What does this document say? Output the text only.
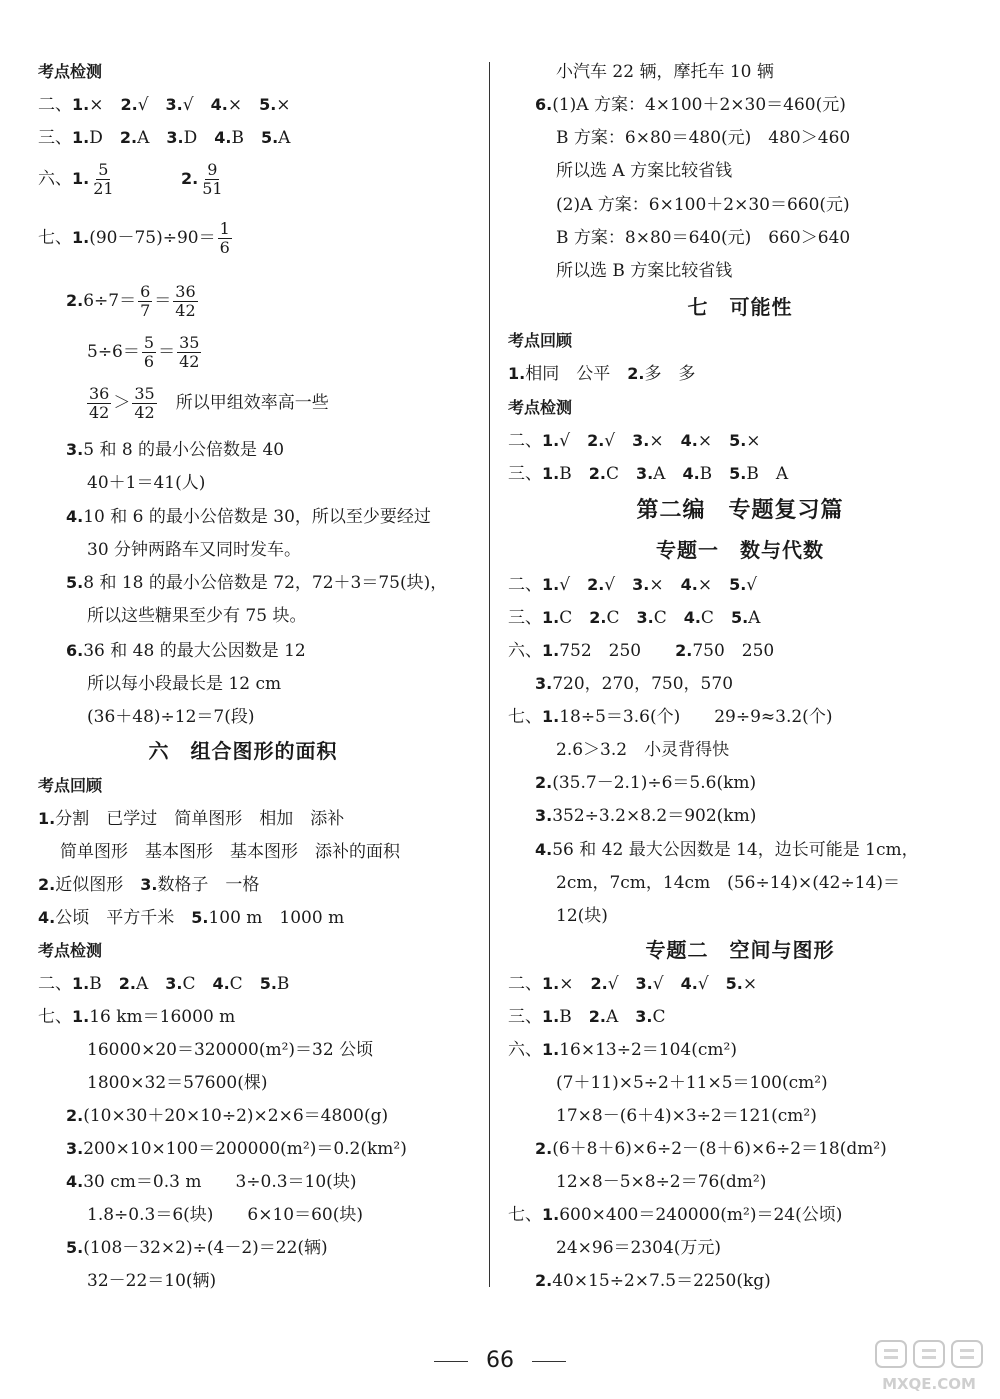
考点检测
二、1.×　 2.√　 3.√　 4.×　 5.×
三、1.D　 2.A　 3.D　 4.B　 5.A
六、1. $\frac{5}{21}$	2. $\frac{9}{51}$
七、$1.(90-75)\div 90= \frac{1}{6}$
$2.6\div 7= \frac{6}{7} = \frac{36}{42}$
$5\div 6= \frac{5}{6} = \frac{35}{42}$
$\frac{36}{42} > \frac{35}{42}$
　 所以甲组效率高一些
3.5 和 8 的最小公倍数是 40
40＋1＝41(人)
4.10 和 6 的最小公倍数是 30，所以至少要经过
30 分钟两路车又同时发车。
5.8 和 18 的最小公倍数是 72，72＋3＝75(块)，
所以这些糖果至少有 75 块。
6.36 和 48 的最大公因数是 12
所以每小段最长是 12 cm
(36＋48)÷12＝7(段)
六　组合图形的面积
考点回顾
1.分割　已学过　简单图形　相加　添补
简单图形　基本图形　基本图形　添补的面积
2.近似图形　 3.数格子　一格
4.公顷　平方千米　 5.100 m　1000 m
考点检测
二、1.B　 2.A　 3.C　 4.C　 5.B
七、1.16 km＝16000 m
16000×20＝320000(m²)＝32 公顷
1800×32＝57600(棵)
2.(10×30＋20×10÷2)×2×6＝4800(g)
3.200×10×100＝200000(m²)＝0.2(km²)
4.30 cm＝0.3 m　　3÷0.3＝10(块)
1.8÷0.3＝6(块)　　6×10＝60(块)
5.(108－32×2)÷(4－2)＝22(辆)
32－22＝10(辆)
小汽车 22 辆，摩托车 10 辆
6.(1)A 方案：4×100＋2×30＝460(元)
B 方案：6×80＝480(元)　480＞460
所以选 A 方案比较省钱
(2)A 方案：6×100＋2×30＝660(元)
B 方案：8×80＝640(元)　660＞640
所以选 B 方案比较省钱
七　可能性
考点回顾
1.相同　公平　 2.多　多
考点检测
二、1.√　 2.√　 3.×　 4.×　 5.×
三、1.B　 2.C　 3.A　 4.B　 5.B　A
第二编　专题复习篇
专题一　数与代数
二、1.√　 2.√　 3.×　 4.×　 5.√
三、1.C　 2.C　 3.C　 4.C　 5.A
六、1.752　250　　 2.750　250
3.720，270，750，570
七、1.18÷5＝3.6(个)　　29÷9≈3.2(个)
2.6＞3.2　小灵背得快
2.(35.7－2.1)÷6＝5.6(km)
3.352÷3.2×8.2＝902(km)
4.56 和 42 最大公因数是 14，边长可能是 1cm，
2cm，7cm，14cm　(56÷14)×(42÷14)＝
12(块)
专题二　空间与图形
二、1.×　 2.√　 3.√　 4.√　 5.×
三、1.B　 2.A　 3.C
六、1.16×13÷2＝104(cm²)
(7＋11)×5÷2＋11×5＝100(cm²)
17×8－(6＋4)×3÷2＝121(cm²)
2.(6＋8＋6)×6÷2－(8＋6)×6÷2＝18(dm²)
12×8－5×8÷2＝76(dm²)
七、1.600×400＝240000(m²)＝24(公顷)
24×96＝2304(万元)
2.40×15÷2×7.5＝2250(kg)
66
MXQE.COM
